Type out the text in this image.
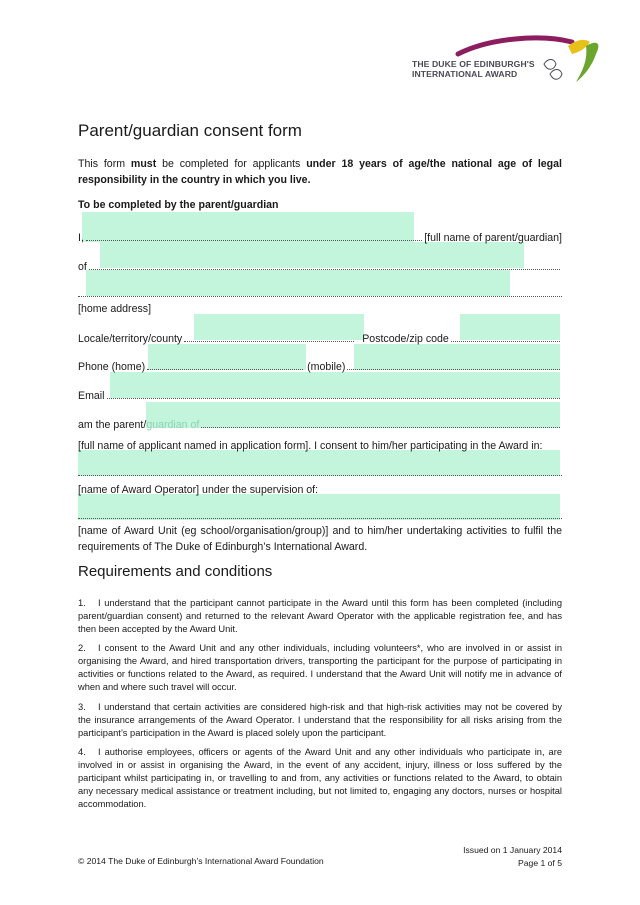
THE DUKE OF EDINBURGH'S
INTERNATIONAL AWARD
Parent/guardian consent form

This form must be completed for applicants under 18 years of age/the national age of legal responsibility in the country in which you live.

To be completed by the parent/guardian
I,	[full name of parent/guardian]
of
[home address]
Locale/territory/county	Postcode/zip code
Phone (home)	(mobile)
Email
am the parent/ guardian of
[full name of applicant named in application form]. I consent to him/her participating in the Award in:
[name of Award Operator] under the supervision of:

[name of Award Unit (eg school/organisation/group)] and to him/her undertaking activities to fulfil the requirements of The Duke of Edinburgh’s International Award.

Requirements and conditions

1. I understand that the participant cannot participate in the Award until this form has been completed (including parent/guardian consent) and returned to the relevant Award Operator with the applicable registration fee, and has then been accepted by the Award Unit.

2. I consent to the Award Unit and any other individuals, including volunteers*, who are involved in or assist in organising the Award, and hired transportation drivers, transporting the participant for the purpose of participating in activities or functions related to the Award, as required. I understand that the Award Unit will notify me in advance of when and where such travel will occur.

3. I understand that certain activities are considered high-risk and that high-risk activities may not be covered by the insurance arrangements of the Award Operator. I understand that the responsibility for all risks arising from the participant’s participation in the Award is placed solely upon the participant.

4. I authorise employees, officers or agents of the Award Unit and any other individuals who participate in, are involved in or assist in organising the Award, in the event of any accident, injury, illness or loss suffered by the participant whilst participating in, or travelling to and from, any activities or functions related to the Award, to obtain any necessary medical assistance or treatment including, but not limited to, engaging any doctors, nurses or hospital accommodation.

© 2014 The Duke of Edinburgh’s International Award Foundation
Issued on 1 January 2014
Page 1 of 5
